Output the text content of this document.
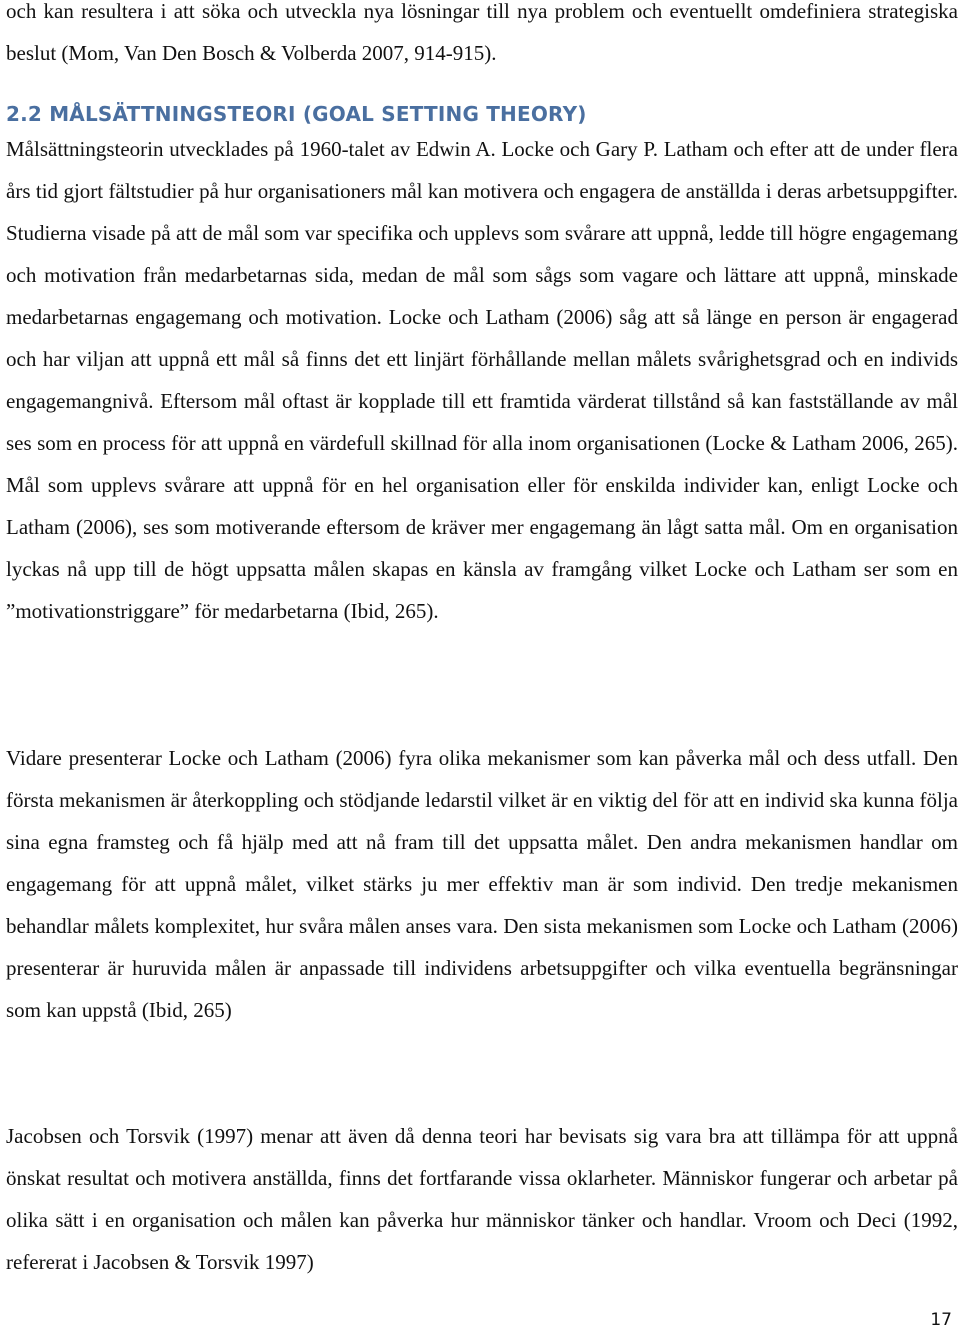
och kan resultera i att söka och utveckla nya lösningar till nya problem och eventuellt omdefiniera strategiska beslut (Mom, Van Den Bosch & Volberda 2007, 914-915).

2.2 MÅLSÄTTNINGSTEORI (GOAL SETTING THEORY)

Målsättningsteorin utvecklades på 1960-talet av Edwin A. Locke och Gary P. Latham och efter att de under flera års tid gjort fältstudier på hur organisationers mål kan motivera och engagera de anställda i deras arbetsuppgifter. Studierna visade på att de mål som var specifika och upplevs som svårare att uppnå, ledde till högre engagemang och motivation från medarbetarnas sida, medan de mål som sågs som vagare och lättare att uppnå, minskade medarbetarnas engagemang och motivation. Locke och Latham (2006) såg att så länge en person är engagerad och har viljan att uppnå ett mål så finns det ett linjärt förhållande mellan målets svårighetsgrad och en individs engagemangnivå. Eftersom mål oftast är kopplade till ett framtida värderat tillstånd så kan fastställande av mål ses som en process för att uppnå en värdefull skillnad för alla inom organisationen (Locke & Latham 2006, 265). Mål som upplevs svårare att uppnå för en hel organisation eller för enskilda individer kan, enligt Locke och Latham (2006), ses som motiverande eftersom de kräver mer engagemang än lågt satta mål. Om en organisation lyckas nå upp till de högt uppsatta målen skapas en känsla av framgång vilket Locke och Latham ser som en ”motivationstriggare” för medarbetarna (Ibid, 265).

Vidare presenterar Locke och Latham (2006) fyra olika mekanismer som kan påverka mål och dess utfall. Den första mekanismen är återkoppling och stödjande ledarstil vilket är en viktig del för att en individ ska kunna följa sina egna framsteg och få hjälp med att nå fram till det uppsatta målet. Den andra mekanismen handlar om engagemang för att uppnå målet, vilket stärks ju mer effektiv man är som individ. Den tredje mekanismen behandlar målets komplexitet, hur svåra målen anses vara. Den sista mekanismen som Locke och Latham (2006) presenterar är huruvida målen är anpassade till individens arbetsuppgifter och vilka eventuella begränsningar som kan uppstå (Ibid, 265)

Jacobsen och Torsvik (1997) menar att även då denna teori har bevisats sig vara bra att tillämpa för att uppnå önskat resultat och motivera anställda, finns det fortfarande vissa oklarheter. Människor fungerar och arbetar på olika sätt i en organisation och målen kan påverka hur människor tänker och handlar. Vroom och Deci (1992, refererat i Jacobsen & Torsvik 1997)

17
